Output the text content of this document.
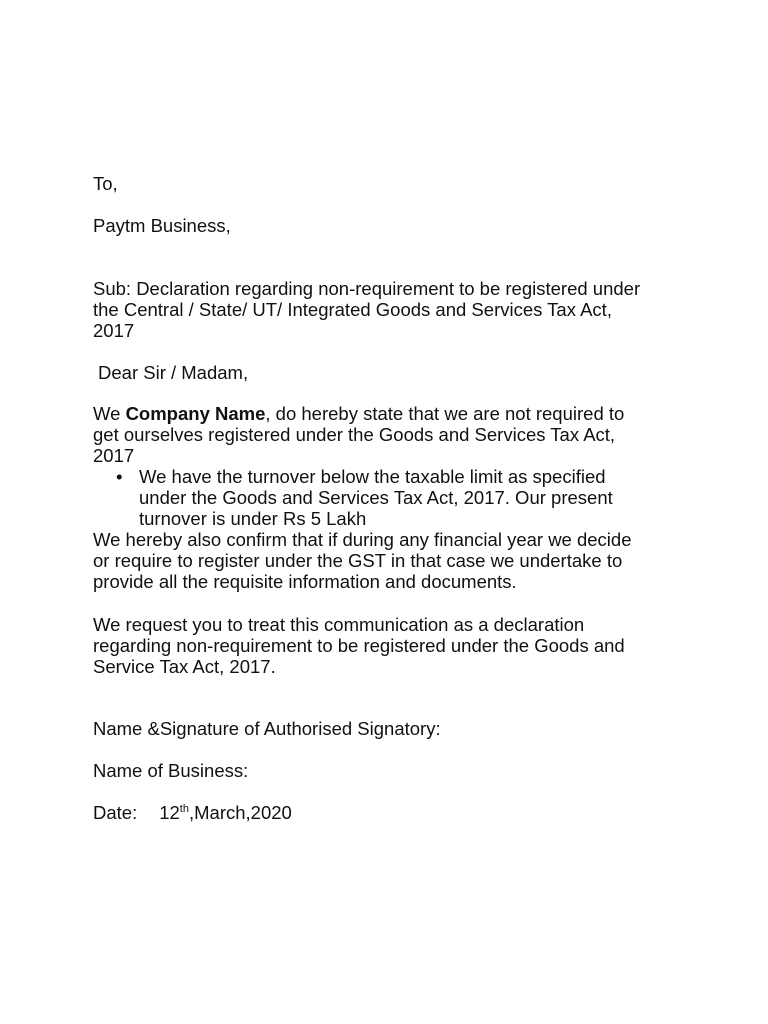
To,
Paytm Business,

Sub: Declaration regarding non-requirement to be registered under

the Central / State/ UT/ Integrated Goods and Services Tax Act,

2017

Dear Sir / Madam,

We Company Name, do hereby state that we are not required to

get ourselves registered under the Goods and Services Tax Act,

2017

• We have the turnover below the taxable limit as specified
under the Goods and Services Tax Act, 2017. Our present
turnover is under Rs 5 Lakh

We hereby also confirm that if during any financial year we decide

or require to register under the GST in that case we undertake to

provide all the requisite information and documents.

We request you to treat this communication as a declaration

regarding non-requirement to be registered under the Goods and

Service Tax Act, 2017.

Name &Signature of Authorised Signatory:
Name of Business:
Date: 12th,March,2020
